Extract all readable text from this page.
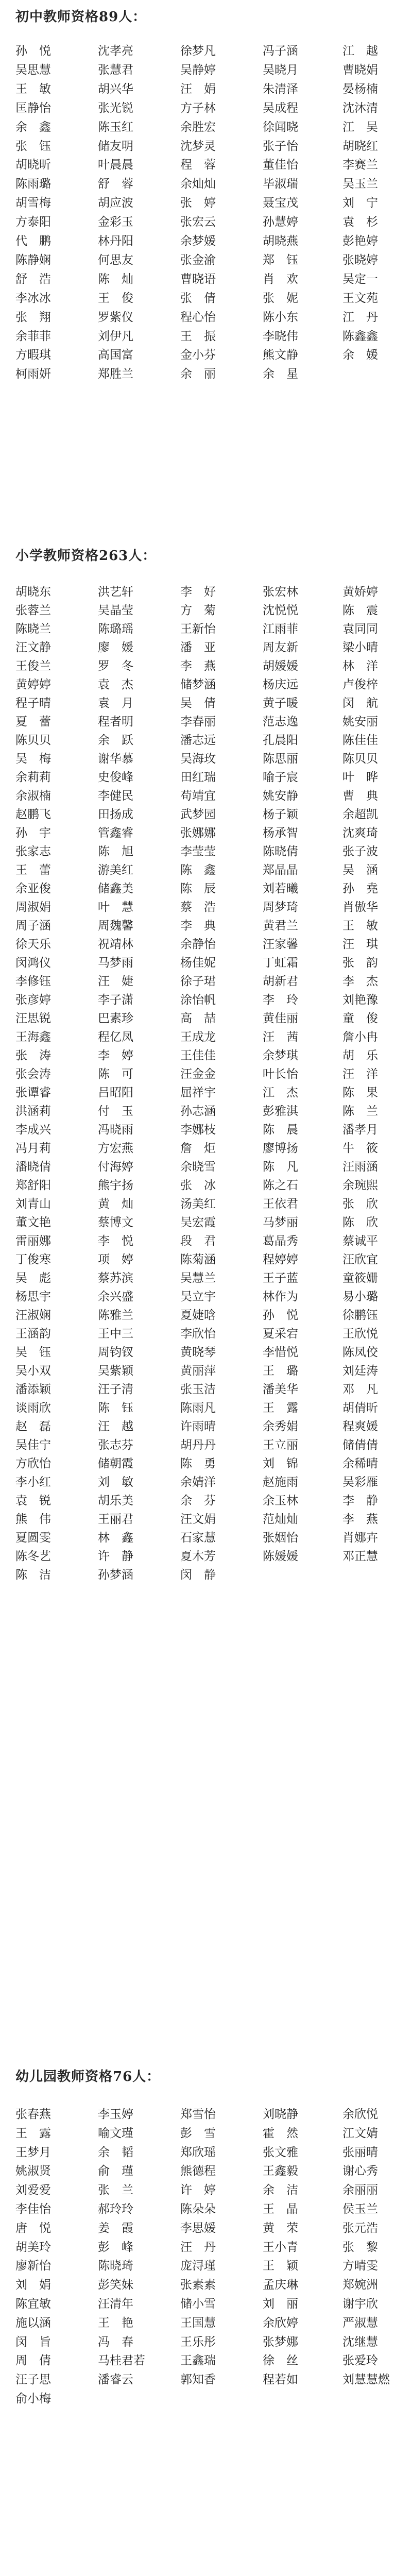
初中教师资格89人：
孙　悦	沈孝亮	徐梦凡	冯子涵	江　越
吴思慧	张慧君	吴静婷	吴晓月	曹晓娟
王　敏	胡兴华	汪　娟	朱清泽	晏杨楠
匡静怡	张光锐	方子林	吴成程	沈沐清
余　鑫	陈玉红	余胜宏	徐闻晓	江　吴
张　钰	储友明	沈梦灵	张子怡	胡晓红
胡晓昕	叶晨晨	程　蓉	董佳怡	李赛兰
陈雨璐	舒　蓉	余灿灿	毕淑瑞	吴玉兰
胡雪梅	胡应波	张　婷	聂宝茂	刘　宁
方泰阳	金彩玉	张宏云	孙慧婷	袁　杉
代　鹏	林丹阳	余梦媛	胡晓燕	彭艳婷
陈静娴	何思友	张金渝	郑　钰	张晓婷
舒　浩	陈　灿	曹晓语	肖　欢	吴定一
李冰冰	王　俊	张　倩	张　妮	王文苑
张　翔	罗紫仪	程心怡	陈小东	江　丹
余菲菲	刘伊凡	王　振	李晓伟	陈鑫鑫
方暇琪	高国富	金小芬	熊文静	余　媛
柯雨妍	郑胜兰	余　丽	余　星
小学教师资格263人：
胡晓东	洪艺轩	李　好	张宏林	黄娇婷
张蓉兰	吴晶莹	方　菊	沈悦悦	陈　震
陈晓兰	陈璐瑶	王新怡	江雨菲	袁同同
汪文静	廖　媛	潘　亚	周友新	梁小晴
王俊兰	罗　冬	李　燕	胡媛媛	林　洋
黄婷婷	袁　杰	储梦涵	杨庆远	卢俊梓
程子晴	袁　月	吴　倩	黄子暖	闵　航
夏　蕾	程者明	李春丽	范志逸	姚安丽
陈贝贝	余　跃	潘志远	孔晨阳	陈佳佳
吴　梅	谢华慕	吴海玫	陈思丽	陈贝贝
余莉莉	史俊峰	田红瑞	喻子宸	叶　晔
余淑楠	李健民	苟靖宜	姚安静	曹　典
赵鹏飞	田扬成	武梦园	杨子颖	余超凯
孙　宇	管鑫睿	张娜娜	杨承智	沈爽琦
张家志	陈　旭	李莹莹	陈晓倩	张子波
王　蕾	游美红	陈　鑫	郑晶晶	吴　涵
余亚俊	储鑫美	陈　辰	刘若曦	孙　堯
周淑娟	叶　慧	蔡　浩	周梦琦	肖傲华
周子涵	周魏馨	李　典	黄君兰	王　敏
徐天乐	祝靖林	余静怡	汪家馨	汪　琪
闵鸿仪	马梦雨	杨佳妮	丁虹霜	张　韵
李修钰	汪　婕	徐子珺	胡新君	李　杰
张彦婷	李子潇	涂怡帆	李　玲	刘艳豫
汪思锐	巴素珍	高　喆	黄佳丽	童　俊
王海鑫	程亿凤	王成龙	汪　茜	詹小冉
张　涛	李　婷	王佳佳	余梦琪	胡　乐
张会涛	陈　可	汪金金	叶长怡	汪　洋
张谭睿	吕昭阳	屈祥宇	江　杰	陈　果
洪涵莉	付　玉	孙志涵	彭雅淇	陈　兰
李成兴	冯晓雨	李娜枝	陈　晨	潘孝月
冯月莉	方宏燕	詹　炬	廖博扬	牛　筱
潘晓倩	付海婷	余晓雪	陈　凡	汪雨涵
郑舒阳	熊宇扬	张　冰	陈之石	余琬熙
刘青山	黄　灿	汤美红	王依君	张　欣
董文艳	蔡博文	吴宏霞	马梦丽	陈　欣
雷丽娜	李　悦	段　君	葛晶秀	蔡诚平
丁俊寒	项　婷	陈菊涵	程婷婷	汪欣宜
吴　彪	蔡苏滨	吴慧兰	王子蓝	童筱姗
杨思宇	余兴盛	吴立宇	林作为	易小璐
汪淑娴	陈雅兰	夏婕晗	孙　悦	徐鹏钰
王涵韵	王中三	李欣怡	夏采宕	王欣悦
吴　钰	周钧钗	黄晓琴	李惜悦	陈凤佼
吴小双	吴紫颖	黄丽萍	王　璐	刘廷涛
潘添颖	汪子清	张玉洁	潘美华	邓　凡
谈雨欣	陈　钰	陈雨凡	王　露	胡倩昕
赵　磊	汪　越	许雨晴	余秀娟	程爽媛
吴佳宁	张志芬	胡丹丹	王立丽	储倩倩
方欣怡	储朝霞	陈　勇	刘　锦	余稀晴
李小红	刘　敏	余婧洋	赵施雨	吴彩雁
袁　锐	胡乐美	余　芬	余玉林	李　静
熊　伟	王丽君	汪文娟	范灿灿	李　燕
夏圆雯	林　鑫	石家慧	张姻怡	肖娜卉
陈冬艺	许　静	夏木芳	陈媛媛	邓正慧
陈　洁	孙梦涵	闵　静
幼儿园教师资格76人：
张春燕	李玉婷	郑雪怡	刘晓静	余欣悦
王　露	喻文瑾	彭　雪	霍　然	江文婧
王梦月	余　韬	郑欣瑶	张文雅	张丽晴
姚淑贤	俞　瑾	熊德程	王鑫毅	谢心秀
刘爱爱	张　兰	许　婷	余　洁	余丽丽
李佳怡	郝玲玲	陈朵朵	王　晶	侯玉兰
唐　悦	姜　霞	李思媛	黄　荣	张元浩
胡美玲	彭　峰	汪　丹	王小青	张　黎
廖新怡	陈晓琦	庞浔瑾	王　颖	方晴雯
刘　娟	彭笑妹	张素素	孟庆琳	郑婉洲
陈宜敏	汪清年	储小雪	刘　丽	谢宇欣
施以涵	王　艳	王国慧	余欣婷	严淑慧
闵　旨	冯　春	王乐彤	张梦娜	沈继慧
周　倩	马桂君若	王鑫瑞	徐　丝	张爱玲
汪子思	潘睿云	郭知香	程若如	刘慧慧燃
俞小梅
